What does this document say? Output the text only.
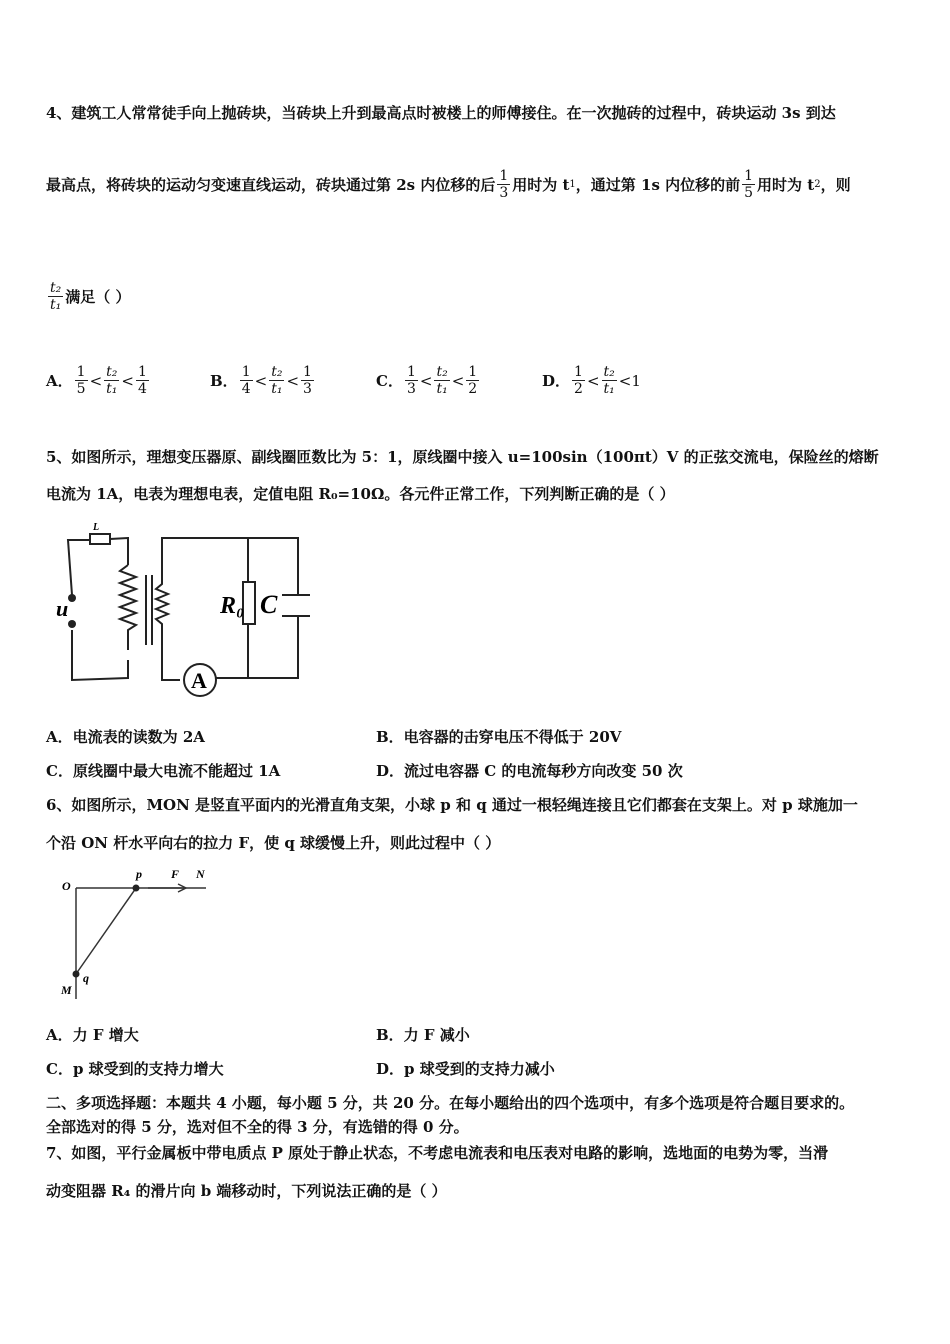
4、建筑工人常常徒手向上抛砖块，当砖块上升到最高点时被楼上的师傅接住。在一次抛砖的过程中，砖块运动 3s 到达
最高点，将砖块的运动匀变速直线运动，砖块通过第 2s 内位移的后 $\frac{1}{3}$ 用时为 t 1 ，通过第 1s 内位移的前 $\frac{1}{5}$ 用时为 t 2 ，则
$\frac{\text{t₂}}{\text{t₁}}$ 满足（ ）
A． $\frac{1}{5} < \frac{\text{t₂}}{\text{t₁}} < \frac{1}{4}$	B． $\frac{1}{4} < \frac{\text{t₂}}{\text{t₁}} < \frac{1}{3}$	C． $\frac{1}{3} < \frac{\text{t₂}}{\text{t₁}} < \frac{1}{2}$	D． $\frac{1}{2} < \frac{\text{t₂}}{\text{t₁}} < 1$
5、如图所示，理想变压器原、副线圈匝数比为 5：1，原线圈中接入 u=100sin（100πt）V 的正弦交流电，保险丝的熔断
电流为 1A，电表为理想电表，定值电阻 R₀=10Ω。各元件正常工作，下列判断正确的是（ ）
u
L
R₀ C
A
A．电流表的读数为 2A	B．电容器的击穿电压不得低于 20V
C．原线圈中最大电流不能超过 1A	D．流过电容器 C 的电流每秒方向改变 50 次
6、如图所示，MON 是竖直平面内的光滑直角支架，小球 p 和 q 通过一根轻绳连接且它们都套在支架上。对 p 球施加一
个沿 ON 杆水平向右的拉力 F，使 q 球缓慢上升，则此过程中（ ）
O
p F N
q
M
A．力 F 增大	B．力 F 减小
C．p 球受到的支持力增大	D．p 球受到的支持力减小
二、多项选择题：本题共 4 小题，每小题 5 分，共 20 分。在每小题给出的四个选项中，有多个选项是符合题目要求的。
全部选对的得 5 分，选对但不全的得 3 分，有选错的得 0 分。
7、如图，平行金属板中带电质点 P 原处于静止状态，不考虑电流表和电压表对电路的影响，选地面的电势为零，当滑
动变阻器 R₄ 的滑片向 b 端移动时，下列说法正确的是（ ）
